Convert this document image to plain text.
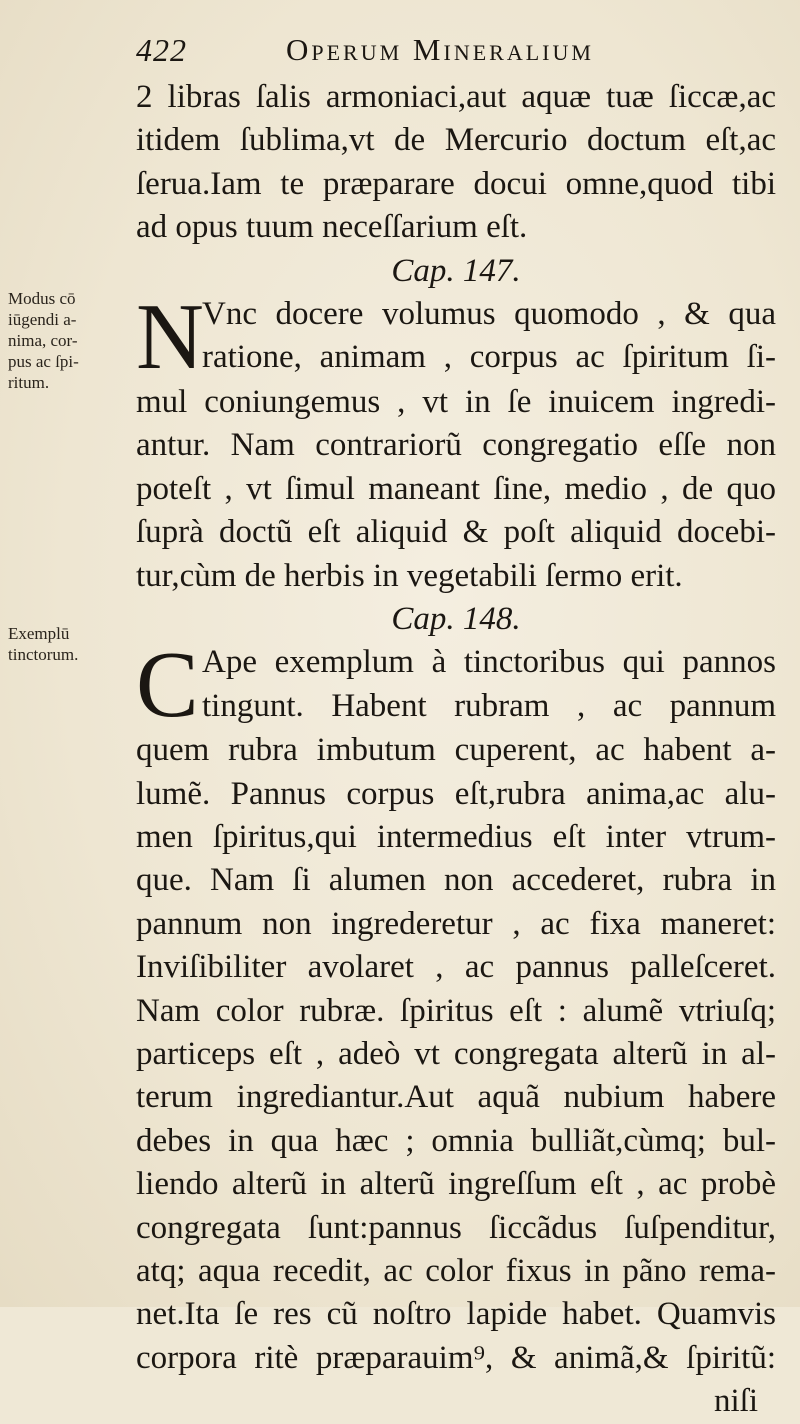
422	Operum Mineralium
Modus cō
iūgendi a-
nima, cor-
pus ac ſpi-
ritum.
Exemplū
tinctorum.
2 libras ſalis armoniaci,aut aquæ tuæ ſiccæ,ac
itidem ſublima,vt de Mercurio doctum eſt,ac
ſerua.Iam te præparare docui omne,quod tibi
ad opus tuum neceſſarium eſt.
Cap. 147.
N
Vnc docere volumus quomodo , & qua
ratione, animam , corpus ac ſpiritum ſi-
mul coniungemus , vt in ſe inuicem ingredi-
antur. Nam contrariorũ congregatio eſſe non
poteſt , vt ſimul maneant ſine, medio , de quo
ſuprà doctũ eſt aliquid & poſt aliquid docebi-
tur,cùm de herbis in vegetabili ſermo erit.
Cap. 148.
C Ape exemplum à tinctoribus qui pannos
tingunt. Habent rubram , ac pannum
quem rubra imbutum cuperent, ac habent a-
lumẽ. Pannus corpus eſt,rubra anima,ac alu-
men ſpiritus,qui intermedius eſt inter vtrum-
que. Nam ſi alumen non accederet, rubra in
pannum non ingrederetur , ac fixa maneret:
Inviſibiliter avolaret , ac pannus palleſceret.
Nam color rubræ. ſpiritus eſt : alumẽ vtriuſq;
particeps eſt , adeò vt congregata alterũ in al-
terum ingrediantur.Aut aquã nubium habere
debes in qua hæc ; omnia bulliãt,cùmq; bul-
liendo alterũ in alterũ ingreſſum eſt , ac probè
congregata ſunt:pannus ſiccãdus ſuſpenditur,
atq; aqua recedit, ac color fixus in pãno rema-
net.Ita ſe res cũ noſtro lapide habet. Quamvis
corpora ritè præparauim⁹, & animã,& ſpiritũ:
niſi
